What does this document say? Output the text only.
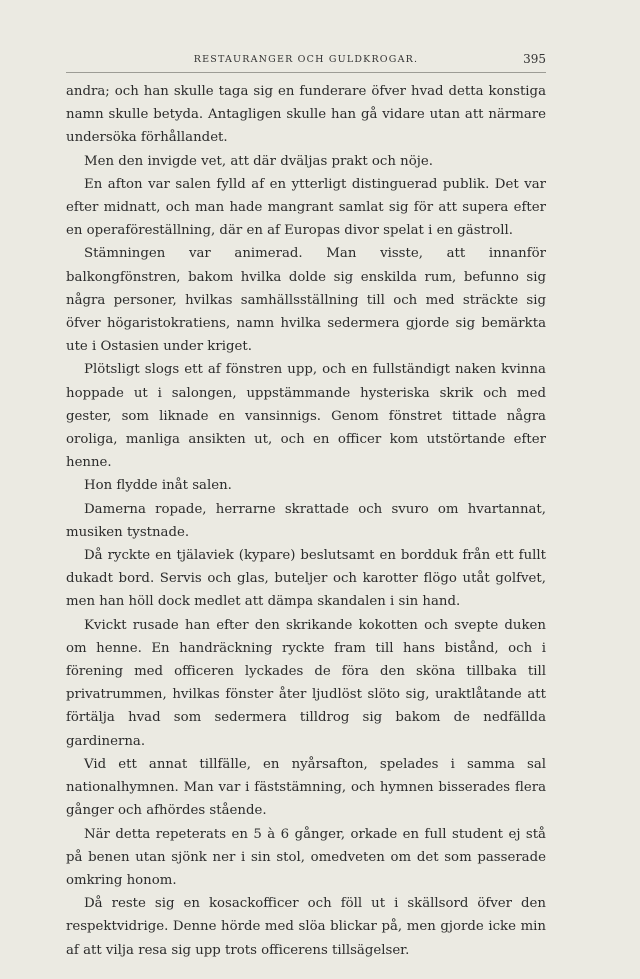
RESTAURANGER OCH GULDKROGAR.	395

andra; och han skulle taga sig en funderare öfver hvad detta konstiga namn skulle betyda. Antagligen skulle han gå vidare utan att närmare undersöka förhållandet.

Men den invigde vet, att där dväljas prakt och nöje.

En afton var salen fylld af en ytterligt distinguerad publik. Det var efter midnatt, och man hade mangrant samlat sig för att supera efter en operaföreställning, där en af Europas divor spelat i en gästroll.

Stämningen var animerad. Man visste, att innanför balkongfönstren, bakom hvilka dolde sig enskilda rum, befunno sig några personer, hvilkas samhällsställning till och med sträckte sig öfver högaristokratiens, namn hvilka sedermera gjorde sig bemärkta ute i Ostasien under kriget.

Plötsligt slogs ett af fönstren upp, och en fullständigt naken kvinna hoppade ut i salongen, uppstämmande hysteriska skrik och med gester, som liknade en vansinnigs. Genom fönstret tittade några oroliga, manliga ansikten ut, och en officer kom utstörtande efter henne.

Hon flydde inåt salen.

Damerna ropade, herrarne skrattade och svuro om hvartannat, musiken tystnade.

Då ryckte en tjälaviek (kypare) beslutsamt en bordduk från ett fullt dukadt bord. Servis och glas, buteljer och karotter flögo utåt golfvet, men han höll dock medlet att dämpa skandalen i sin hand.

Kvickt rusade han efter den skrikande kokotten och svepte duken om henne. En handräckning ryckte fram till hans bistånd, och i förening med officeren lyckades de föra den sköna tillbaka till privatrummen, hvilkas fönster åter ljudlöst slöto sig, uraktlåtande att förtälja hvad som sedermera tilldrog sig bakom de nedfällda gardinerna.

Vid ett annat tillfälle, en nyårsafton, spelades i samma sal nationalhymnen. Man var i fäststämning, och hymnen bisserades flera gånger och afhördes stående.

När detta repeterats en 5 à 6 gånger, orkade en full student ej stå på benen utan sjönk ner i sin stol, omedveten om det som passerade omkring honom.

Då reste sig en kosackofficer och föll ut i skällsord öfver den respektvidrige. Denne hörde med slöa blickar på, men gjorde icke min af att vilja resa sig upp trots officerens tillsägelser.
